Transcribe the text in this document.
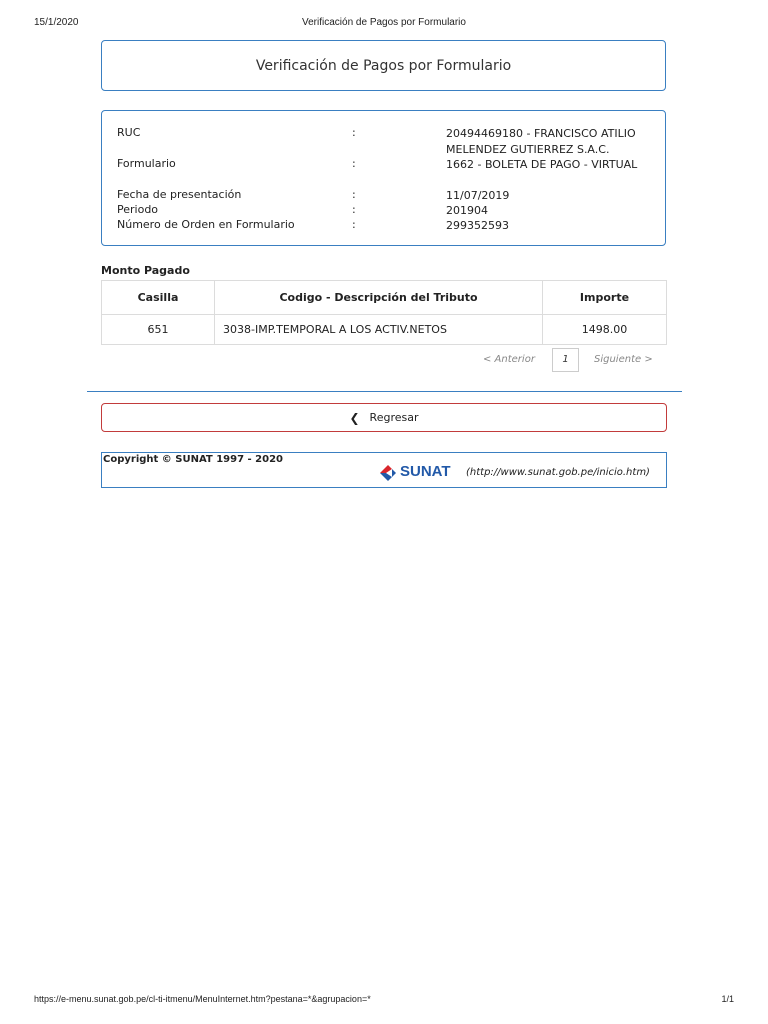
15/1/2020	Verificación de Pagos por Formulario
Verificación de Pagos por Formulario
RUC	:	20494469180 - FRANCISCO ATILIO MELENDEZ GUTIERREZ S.A.C.
Formulario	:	1662 - BOLETA DE PAGO - VIRTUAL
Fecha de presentación	:	11/07/2019
Periodo	:	201904
Número de Orden en Formulario	:	299352593
Monto Pagado
Casilla	Codigo - Descripción del Tributo	Importe
651	3038-IMP.TEMPORAL A LOS ACTIV.NETOS	1498.00
< Anterior	1	Siguiente >
❮ Regresar
Copyright © SUNAT 1997 - 2020
SUNAT (http://www.sunat.gob.pe/inicio.htm)
https://e-menu.sunat.gob.pe/cl-ti-itmenu/MenuInternet.htm?pestana=*&agrupacion=*	1/1
